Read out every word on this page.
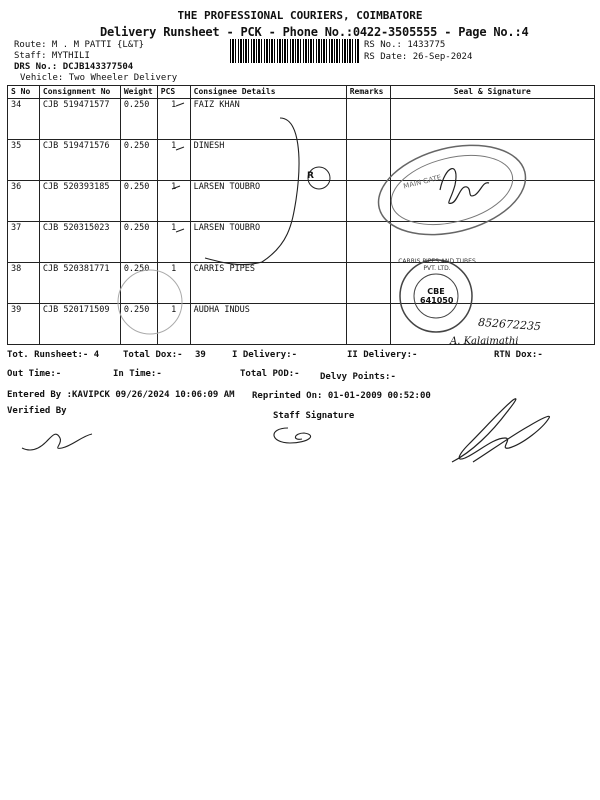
THE PROFESSIONAL COURIERS, COIMBATORE
Delivery Runsheet - PCK - Phone No.:0422-3505555 - Page No.:4
Route: M . M PATTI {L&T}
Staff: MYTHILI
DRS No.: DCJB143377504
Vehicle: Two Wheeler Delivery
RS No.: 1433775
RS Date: 26-Sep-2024
S No	Consignment No	Weight	PCS	Consignee Details	Remarks	Seal & Signature
34	CJB 519471577	0.250	1	FAIZ KHAN		
35	CJB 519471576	0.250	1	DINESH		
36	CJB 520393185	0.250	1	LARSEN TOUBRO		
37	CJB 520315023	0.250	1	LARSEN TOUBRO		
38	CJB 520381771	0.250	1	CARRIS PIPES		
39	CJB 520171509	0.250	1	AUDHA INDUS		
R	MAIN GATE
CARRIS PIPES AND TUBES PVT. LTD.
CBE 641050
852672235
A. Kalaimathi
Tot. Runsheet:- 4	Total Dox:- 39	I Delivery:-	II Delivery:-	RTN Dox:-
Out Time:-	In Time:-	Total POD:- Delvy Points:-
Entered By :KAVIPCK 09/26/2024 10:06:09 AM Reprinted On: 01-01-2009 00:52:00
Verified By	Staff Signature
